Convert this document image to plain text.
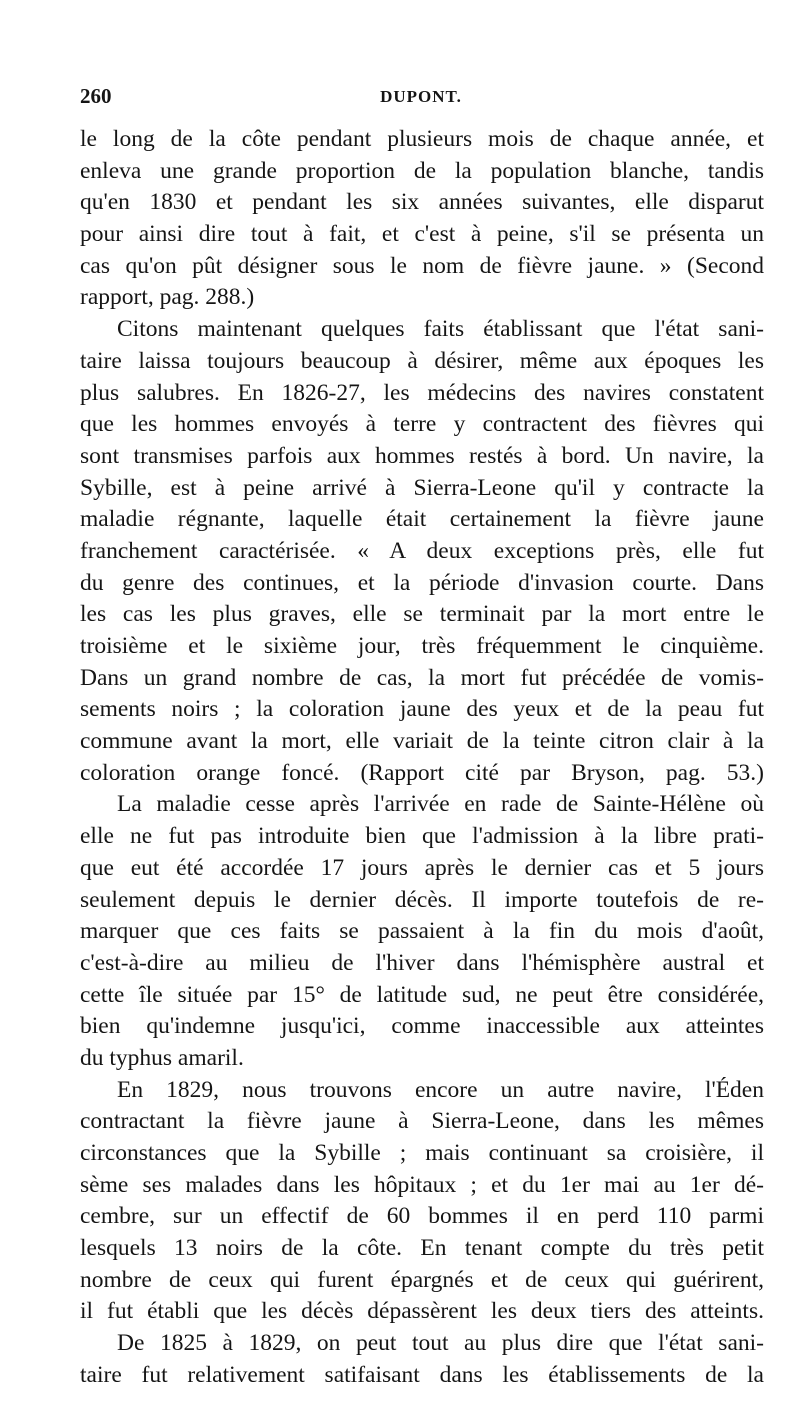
260	DUPONT.
le long de la côte pendant plusieurs mois de chaque année, et
enleva une grande proportion de la population blanche, tandis
qu'en 1830 et pendant les six années suivantes, elle disparut
pour ainsi dire tout à fait, et c'est à peine, s'il se présenta un
cas qu'on pût désigner sous le nom de fièvre jaune. » (Second
rapport, pag. 288.)
Citons maintenant quelques faits établissant que l'état sani-
taire laissa toujours beaucoup à désirer, même aux époques les
plus salubres. En 1826-27, les médecins des navires constatent
que les hommes envoyés à terre y contractent des fièvres qui
sont transmises parfois aux hommes restés à bord. Un navire, la
Sybille, est à peine arrivé à Sierra-Leone qu'il y contracte la
maladie régnante, laquelle était certainement la fièvre jaune
franchement caractérisée. « A deux exceptions près, elle fut
du genre des continues, et la période d'invasion courte. Dans
les cas les plus graves, elle se terminait par la mort entre le
troisième et le sixième jour, très fréquemment le cinquième.
Dans un grand nombre de cas, la mort fut précédée de vomis-
sements noirs ; la coloration jaune des yeux et de la peau fut
commune avant la mort, elle variait de la teinte citron clair à la
coloration orange foncé. (Rapport cité par Bryson, pag. 53.)
La maladie cesse après l'arrivée en rade de Sainte-Hélène où
elle ne fut pas introduite bien que l'admission à la libre prati-
que eut été accordée 17 jours après le dernier cas et 5 jours
seulement depuis le dernier décès. Il importe toutefois de re-
marquer que ces faits se passaient à la fin du mois d'août,
c'est-à-dire au milieu de l'hiver dans l'hémisphère austral et
cette île située par 15° de latitude sud, ne peut être considérée,
bien qu'indemne jusqu'ici, comme inaccessible aux atteintes
du typhus amaril.
En 1829, nous trouvons encore un autre navire, l'Éden
contractant la fièvre jaune à Sierra-Leone, dans les mêmes
circonstances que la Sybille ; mais continuant sa croisière, il
sème ses malades dans les hôpitaux ; et du 1er mai au 1er dé-
cembre, sur un effectif de 60 bommes il en perd 110 parmi
lesquels 13 noirs de la côte. En tenant compte du très petit
nombre de ceux qui furent épargnés et de ceux qui guérirent,
il fut établi que les décès dépassèrent les deux tiers des atteints.
De 1825 à 1829, on peut tout au plus dire que l'état sani-
taire fut relativement satifaisant dans les établissements de la
